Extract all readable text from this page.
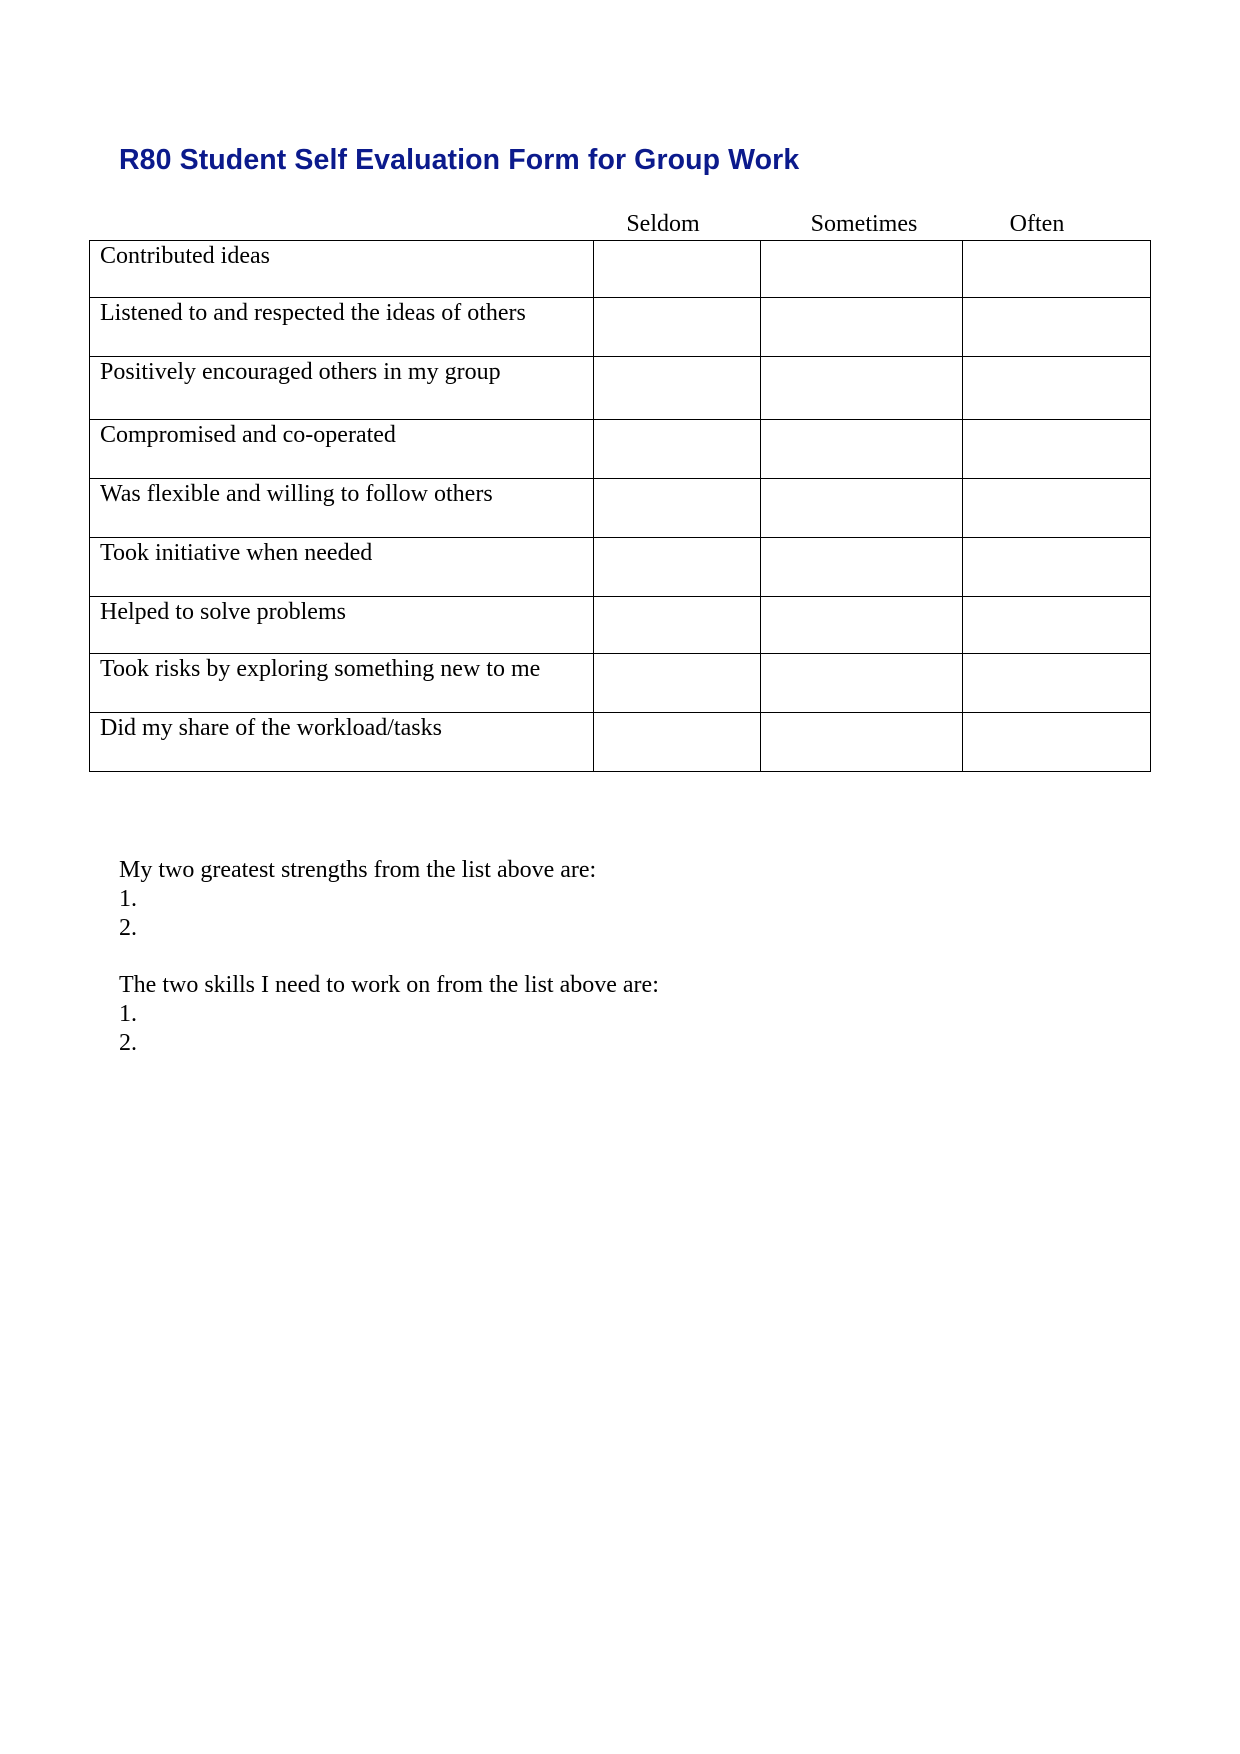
R80 Student Self Evaluation Form for Group Work
Seldom	Sometimes	Often
Contributed ideas			
Listened to and respected the ideas of others			
Positively encouraged others in my group			
Compromised and co-operated			
Was flexible and willing to follow others			
Took initiative when needed			
Helped to solve problems			
Took risks by exploring something new to me			
Did my share of the workload/tasks			

My two greatest strengths from the list above are:

1.

2.

The two skills I need to work on from the list above are:

1.

2.
